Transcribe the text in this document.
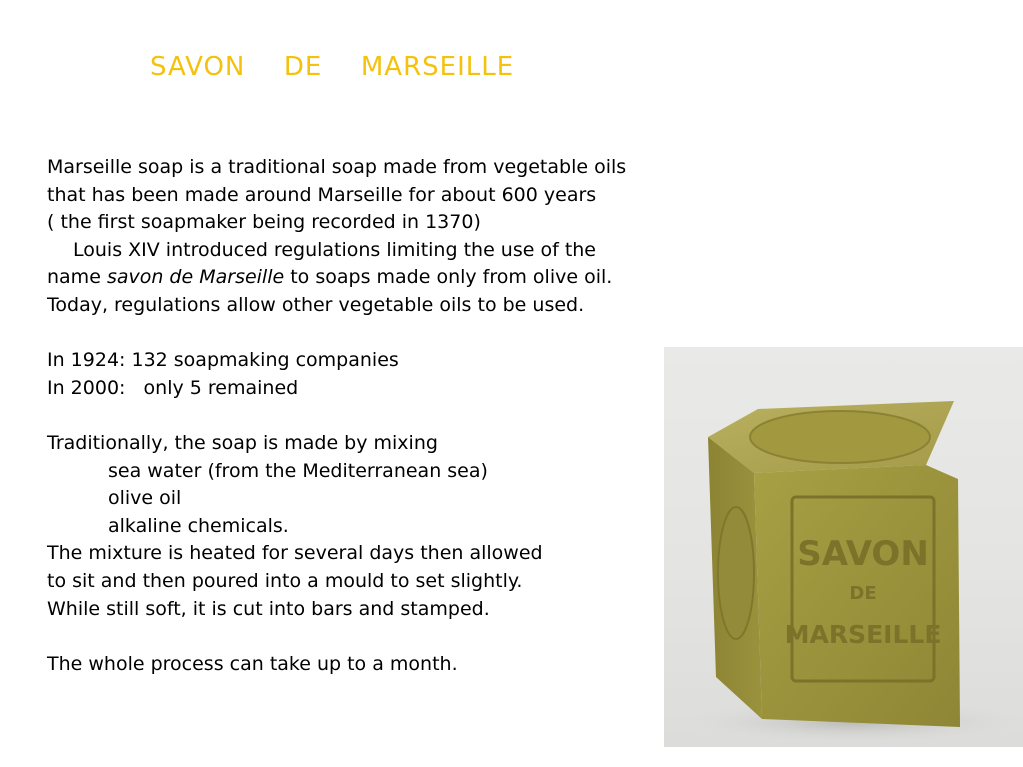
SAVON  DE  MARSEILLE
Marseille soap is a traditional soap made from vegetable oils
that has been made around Marseille for about 600 years
( the first soapmaker being recorded in 1370)
Louis XIV introduced regulations limiting the use of the
name savon de Marseille to soaps made only from olive oil.
Today, regulations allow other vegetable oils to be used.
In 1924: 132 soapmaking companies
In 2000:   only 5 remained
Traditionally, the soap is made by mixing
sea water (from the Mediterranean sea)
olive oil
alkaline chemicals.
The mixture is heated for several days then allowed
to sit and then poured into a mould to set slightly.
While still soft, it is cut into bars and stamped.
The whole process can take up to a month.
SAVON
DE
MARSEILLE
